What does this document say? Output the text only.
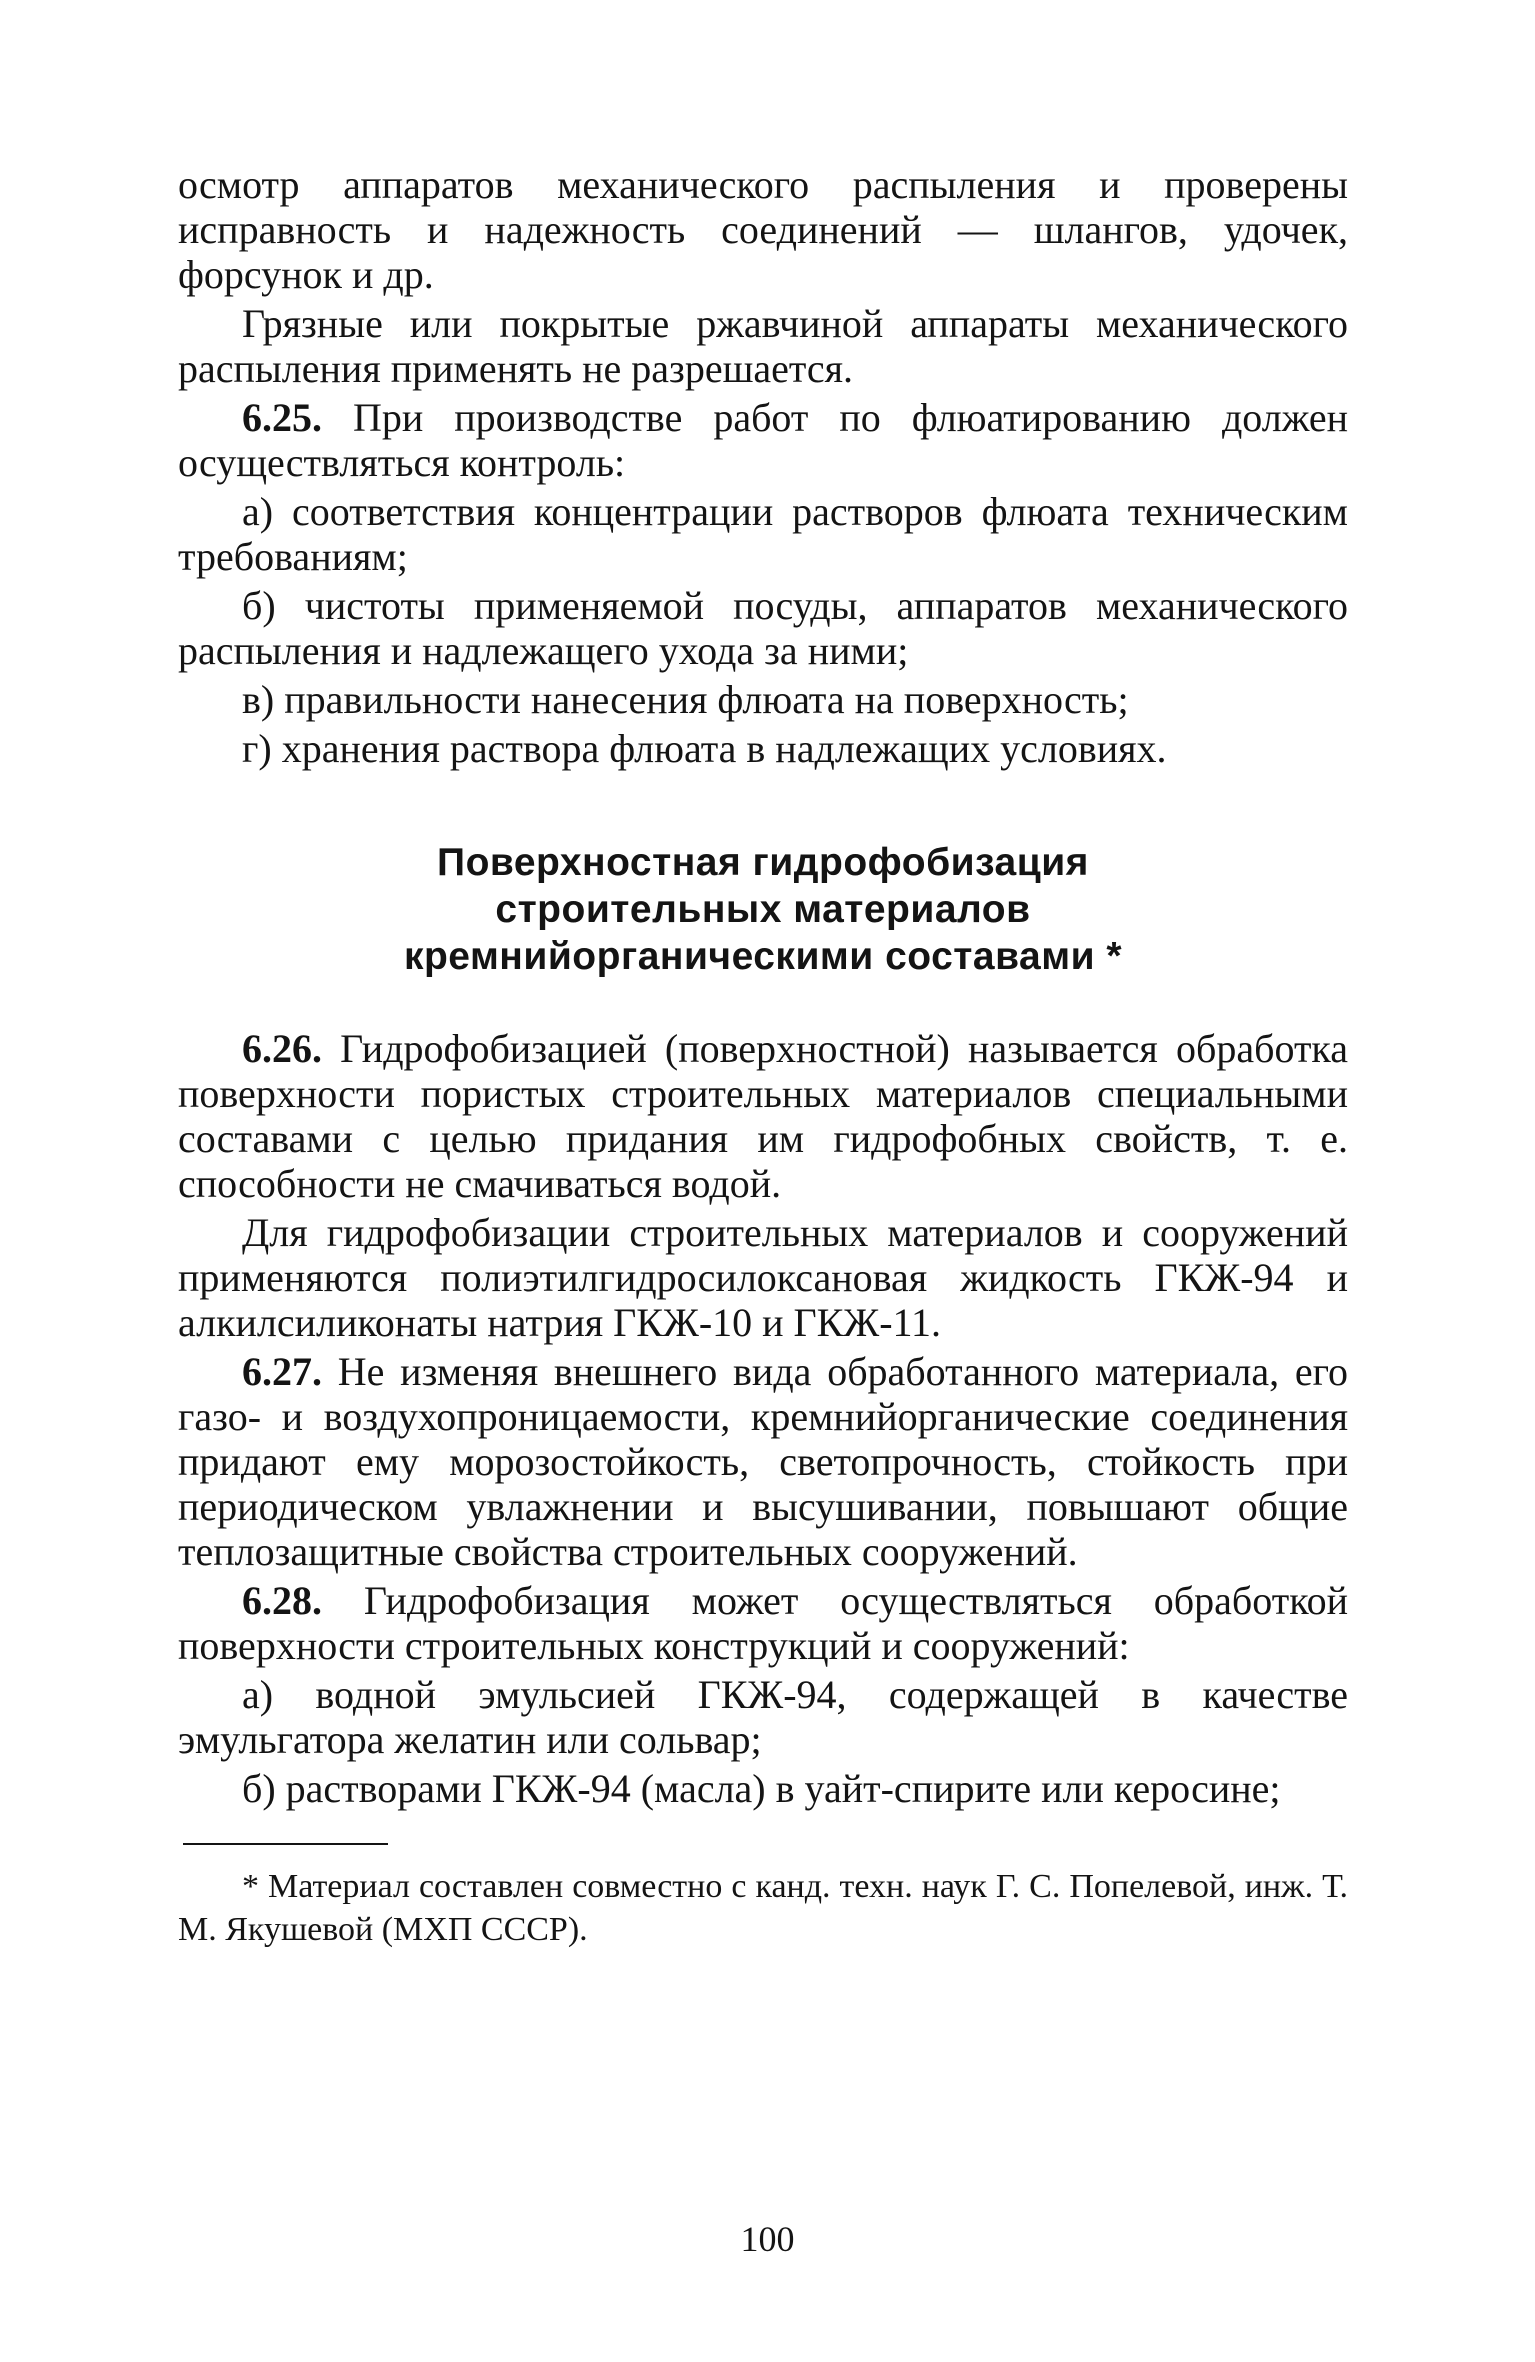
осмотр аппаратов механического распыления и проверены исправность и надежность соединений — шлангов, удочек, форсунок и др.

Грязные или покрытые ржавчиной аппараты механического распыления применять не разрешается.

6.25. При производстве работ по флюатированию должен осуществляться контроль:

а) соответствия концентрации растворов флюата техническим требованиям;

б) чистоты применяемой посуды, аппаратов механического распыления и надлежащего ухода за ними;

в) правильности нанесения флюата на поверхность;

г) хранения раствора флюата в надлежащих условиях.

Поверхностная гидрофобизация
строительных материалов
кремнийорганическими составами *

6.26. Гидрофобизацией (поверхностной) называется обработка поверхности пористых строительных материалов специальными составами с целью придания им гидрофобных свойств, т. е. способности не смачиваться водой.

Для гидрофобизации строительных материалов и сооружений применяются полиэтилгидросилоксановая жидкость ГКЖ-94 и алкилсиликонаты натрия ГКЖ-10 и ГКЖ-11.

6.27. Не изменяя внешнего вида обработанного материала, его газо- и воздухопроницаемости, кремнийорганические соединения придают ему морозостойкость, светопрочность, стойкость при периодическом увлажнении и высушивании, повышают общие теплозащитные свойства строительных сооружений.

6.28. Гидрофобизация может осуществляться обработкой поверхности строительных конструкций и сооружений:

а) водной эмульсией ГКЖ-94, содержащей в качестве эмульгатора желатин или сольвар;

б) растворами ГКЖ-94 (масла) в уайт-спирите или керосине;

* Материал составлен совместно с канд. техн. наук Г. С. Попелевой, инж. Т. М. Якушевой (МХП СССР).

100
